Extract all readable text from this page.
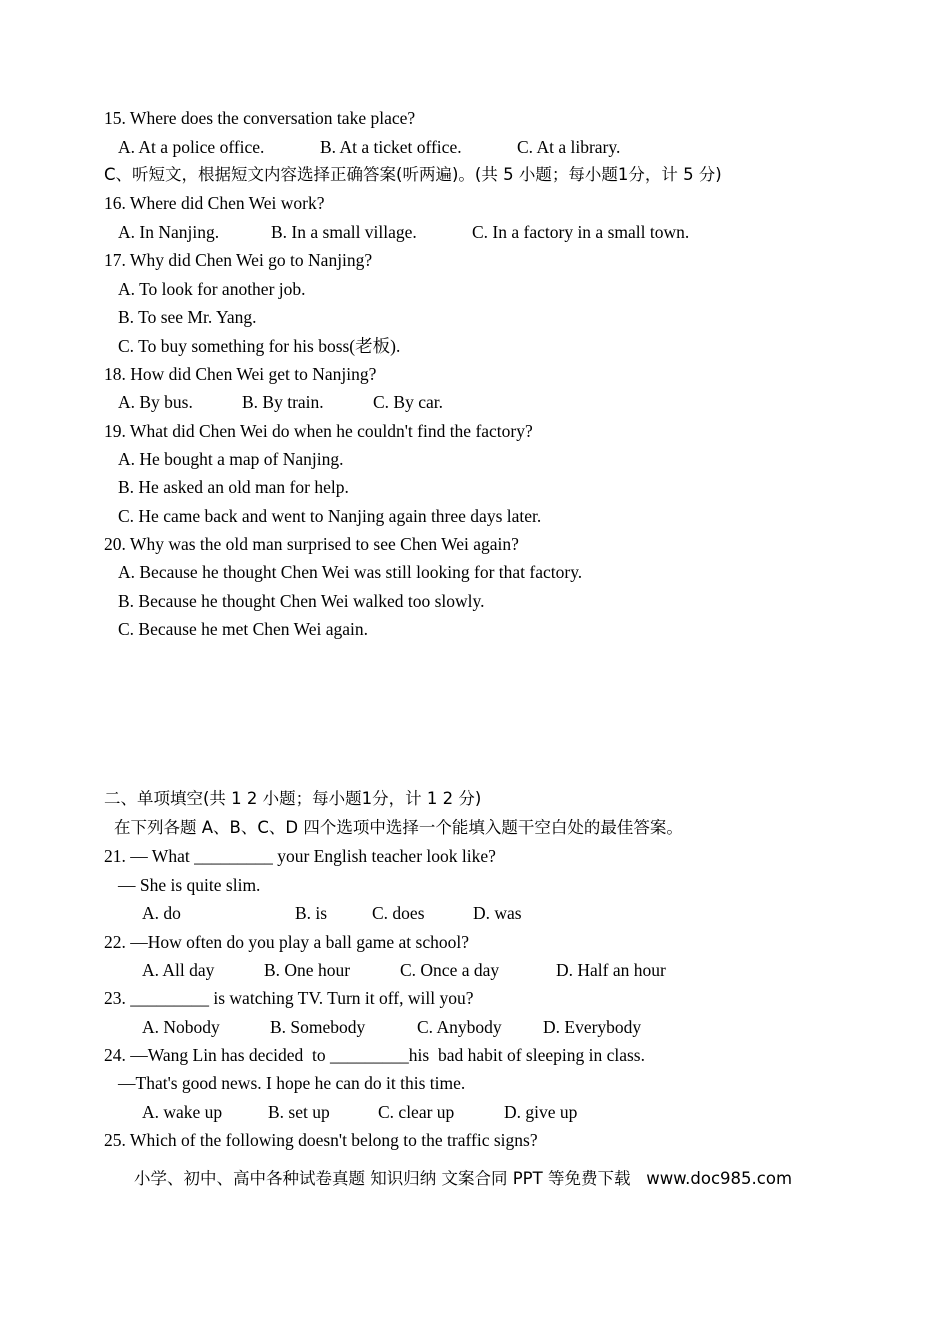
15. Where does the conversation take place?
A. At a police office.	B. At a ticket office.	C. At a library.
C、听短文，根据短文内容选择正确答案(听两遍)。(共 5 小题；每小题1分，计 5 分)
16. Where did Chen Wei work?
A. In Nanjing.	B. In a small village.	C. In a factory in a small town.
17. Why did Chen Wei go to Nanjing?
A. To look for another job.
B. To see Mr. Yang.
C. To buy something for his boss(老板).
18. How did Chen Wei get to Nanjing?
A. By bus.	B. By train.	C. By car.
19. What did Chen Wei do when he couldn't find the factory?
A. He bought a map of Nanjing.
B. He asked an old man for help.
C. He came back and went to Nanjing again three days later.
20. Why was the old man surprised to see Chen Wei again?
A. Because he thought Chen Wei was still looking for that factory.
B. Because he thought Chen Wei walked too slowly.
C. Because he met Chen Wei again.
二、单项填空(共 1 2 小题；每小题1分，计 1 2 分)
在下列各题 A、B、C、D 四个选项中选择一个能填入题干空白处的最佳答案。
21. — What _________ your English teacher look like?
— She is quite slim.
A. do	B. is	C. does	D. was
22. —How often do you play a ball game at school?
A. All day	B. One hour	C. Once a day	D. Half an hour
23. _________ is watching TV. Turn it off, will you?
A. Nobody	B. Somebody	C. Anybody D. Everybody
24. —Wang Lin has decided  to _________his  bad habit of sleeping in class.
—That's good news. I hope he can do it this time.
A. wake up	B. set up	C. clear up	D. give up
25. Which of the following doesn't belong to the traffic signs?
小学、初中、高中各种试卷真题 知识归纳 文案合同 PPT 等免费下载   www.doc985.com
